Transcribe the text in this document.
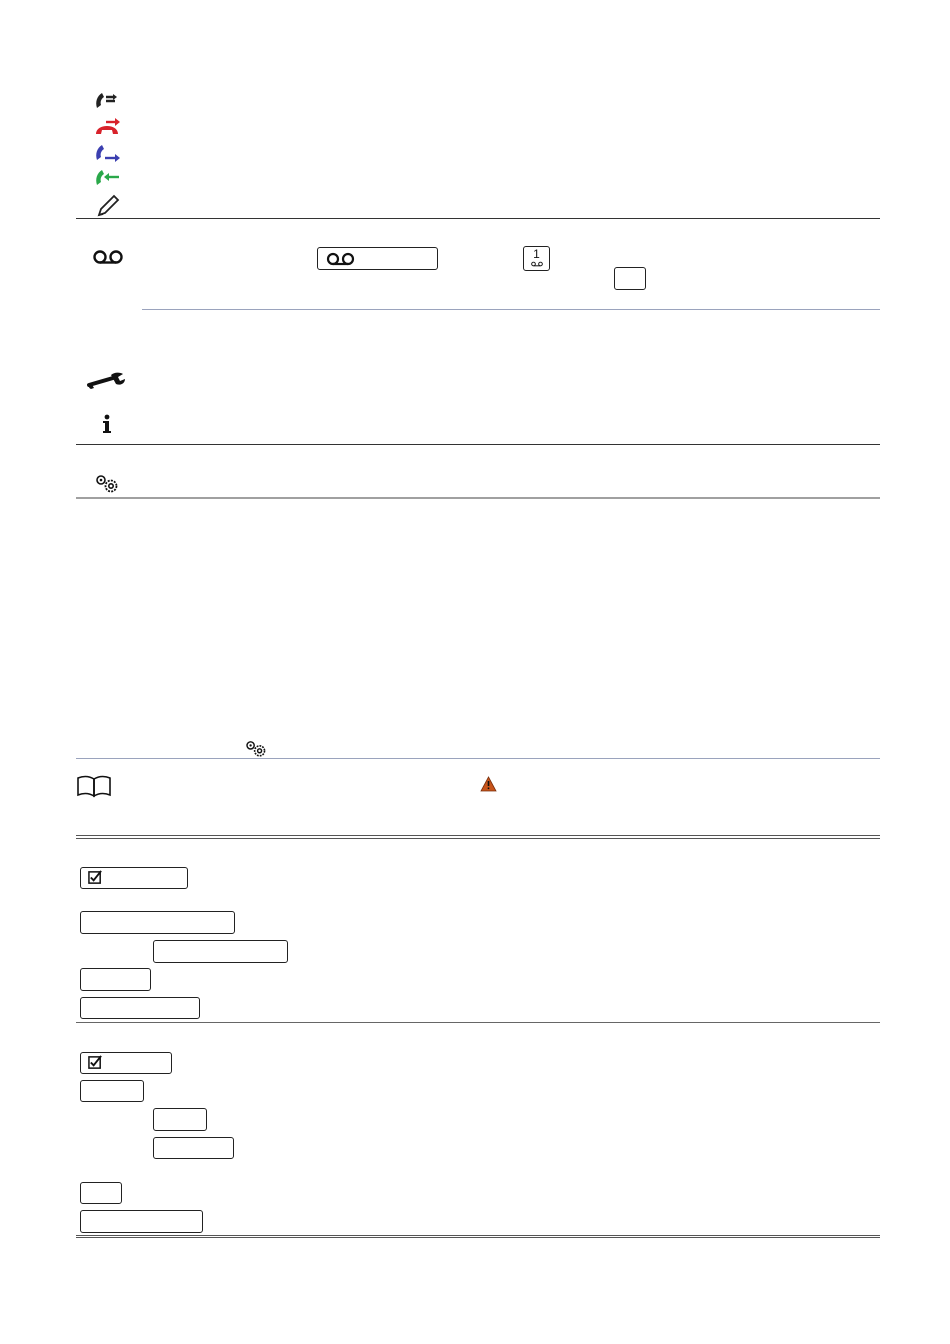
1
